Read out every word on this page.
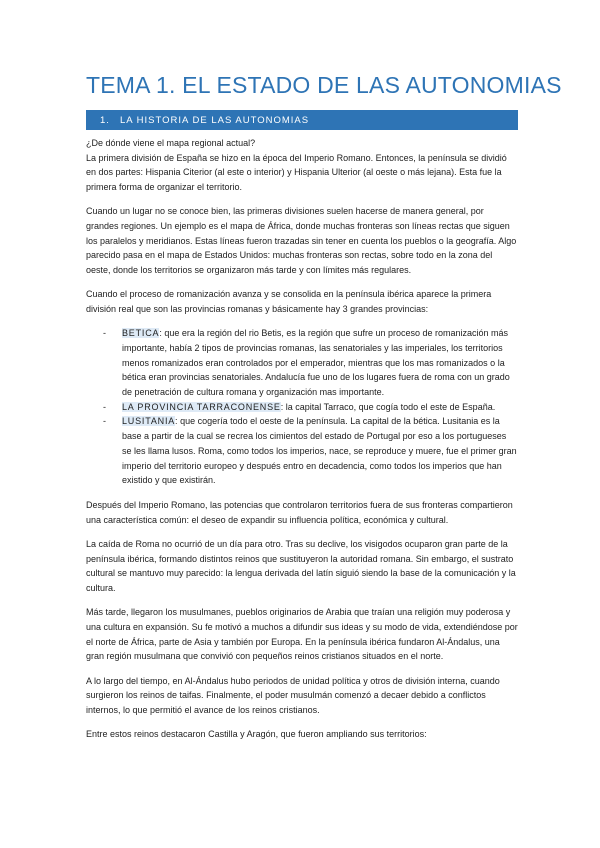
TEMA 1. EL ESTADO DE LAS AUTONOMIAS
1. LA HISTORIA DE LAS AUTONOMIAS

¿De dónde viene el mapa regional actual?
La primera división de España se hizo en la época del Imperio Romano. Entonces, la península se dividió en dos partes: Hispania Citerior (al este o interior) y Hispania Ulterior (al oeste o más lejana). Esta fue la primera forma de organizar el territorio.

Cuando un lugar no se conoce bien, las primeras divisiones suelen hacerse de manera general, por grandes regiones. Un ejemplo es el mapa de África, donde muchas fronteras son líneas rectas que siguen los paralelos y meridianos. Estas líneas fueron trazadas sin tener en cuenta los pueblos o la geografía. Algo parecido pasa en el mapa de Estados Unidos: muchas fronteras son rectas, sobre todo en la zona del oeste, donde los territorios se organizaron más tarde y con límites más regulares.

Cuando el proceso de romanización avanza y se consolida en la península ibérica aparece la primera división real que son las provincias romanas y básicamente hay 3 grandes provincias:

- BETICA: que era la región del rio Betis, es la región que sufre un proceso de romanización más importante, había 2 tipos de provincias romanas, las senatoriales y las imperiales, los territorios menos romanizados eran controlados por el emperador, mientras que los mas romanizados o la bética eran provincias senatoriales. Andalucía fue uno de los lugares fuera de roma con un grado de penetración de cultura romana y organización mas importante.
- LA PROVINCIA TARRACONENSE: la capital Tarraco, que cogía todo el este de España.
- LUSITANIA: que cogería todo el oeste de la península. La capital de la bética. Lusitania es la base a partir de la cual se recrea los cimientos del estado de Portugal por eso a los portugueses se les llama lusos. Roma, como todos los imperios, nace, se reproduce y muere, fue el primer gran imperio del territorio europeo y después entro en decadencia, como todos los imperios que han existido y que existirán.

Después del Imperio Romano, las potencias que controlaron territorios fuera de sus fronteras compartieron una característica común: el deseo de expandir su influencia política, económica y cultural.

La caída de Roma no ocurrió de un día para otro. Tras su declive, los visigodos ocuparon gran parte de la península ibérica, formando distintos reinos que sustituyeron la autoridad romana. Sin embargo, el sustrato cultural se mantuvo muy parecido: la lengua derivada del latín siguió siendo la base de la comunicación y la cultura.

Más tarde, llegaron los musulmanes, pueblos originarios de Arabia que traían una religión muy poderosa y una cultura en expansión. Su fe motivó a muchos a difundir sus ideas y su modo de vida, extendiéndose por el norte de África, parte de Asia y también por Europa. En la península ibérica fundaron Al-Ándalus, una gran región musulmana que convivió con pequeños reinos cristianos situados en el norte.

A lo largo del tiempo, en Al-Ándalus hubo periodos de unidad política y otros de división interna, cuando surgieron los reinos de taifas. Finalmente, el poder musulmán comenzó a decaer debido a conflictos internos, lo que permitió el avance de los reinos cristianos.

Entre estos reinos destacaron Castilla y Aragón, que fueron ampliando sus territorios:
